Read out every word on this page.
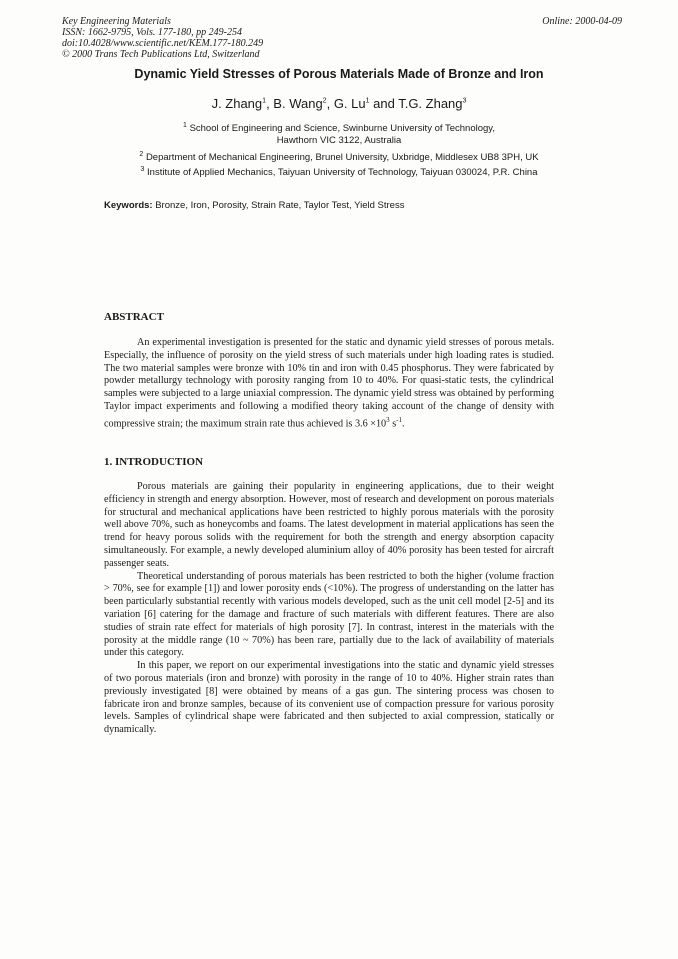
Key Engineering Materials
ISSN: 1662-9795, Vols. 177-180, pp 249-254
doi:10.4028/www.scientific.net/KEM.177-180.249
© 2000 Trans Tech Publications Ltd, Switzerland
Online: 2000-04-09
Dynamic Yield Stresses of Porous Materials Made of Bronze and Iron
J. Zhang$^1$, B. Wang$^2$, G. Lu$^1$ and T.G. Zhang$^3$
$^1$ School of Engineering and Science, Swinburne University of Technology,
Hawthorn VIC 3122, Australia
$^2$ Department of Mechanical Engineering, Brunel University, Uxbridge, Middlesex UB8 3PH, UK
$^3$ Institute of Applied Mechanics, Taiyuan University of Technology, Taiyuan 030024, P.R. China
Keywords: Bronze, Iron, Porosity, Strain Rate, Taylor Test, Yield Stress
ABSTRACT

An experimental investigation is presented for the static and dynamic yield stresses of porous metals. Especially, the influence of porosity on the yield stress of such materials under high loading rates is studied. The two material samples were bronze with 10% tin and iron with 0.45 phosphorus. They were fabricated by powder metallurgy technology with porosity ranging from 10 to 40%. For quasi-static tests, the cylindrical samples were subjected to a large uniaxial compression. The dynamic yield stress was obtained by performing Taylor impact experiments and following a modified theory taking account of the change of density with compressive strain; the maximum strain rate thus achieved is $3.6 \times 10^3$ $s^{-1}$.

1. INTRODUCTION

Porous materials are gaining their popularity in engineering applications, due to their weight efficiency in strength and energy absorption. However, most of research and development on porous materials for structural and mechanical applications have been restricted to highly porous materials with the porosity well above 70%, such as honeycombs and foams. The latest development in material applications has seen the trend for heavy porous solids with the requirement for both the strength and energy absorption capacity simultaneously. For example, a newly developed aluminium alloy of 40% porosity has been tested for aircraft passenger seats.

Theoretical understanding of porous materials has been restricted to both the higher (volume fraction > 70%, see for example [1]) and lower porosity ends (<10%). The progress of understanding on the latter has been particularly substantial recently with various models developed, such as the unit cell model [2-5] and its variation [6] catering for the damage and fracture of such materials with different features. There are also studies of strain rate effect for materials of high porosity [7]. In contrast, interest in the materials with the porosity at the middle range (10 ~ 70%) has been rare, partially due to the lack of availability of materials under this category.

In this paper, we report on our experimental investigations into the static and dynamic yield stresses of two porous materials (iron and bronze) with porosity in the range of 10 to 40%. Higher strain rates than previously investigated [8] were obtained by means of a gas gun. The sintering process was chosen to fabricate iron and bronze samples, because of its convenient use of compaction pressure for various porosity levels. Samples of cylindrical shape were fabricated and then subjected to axial compression, statically or dynamically.
